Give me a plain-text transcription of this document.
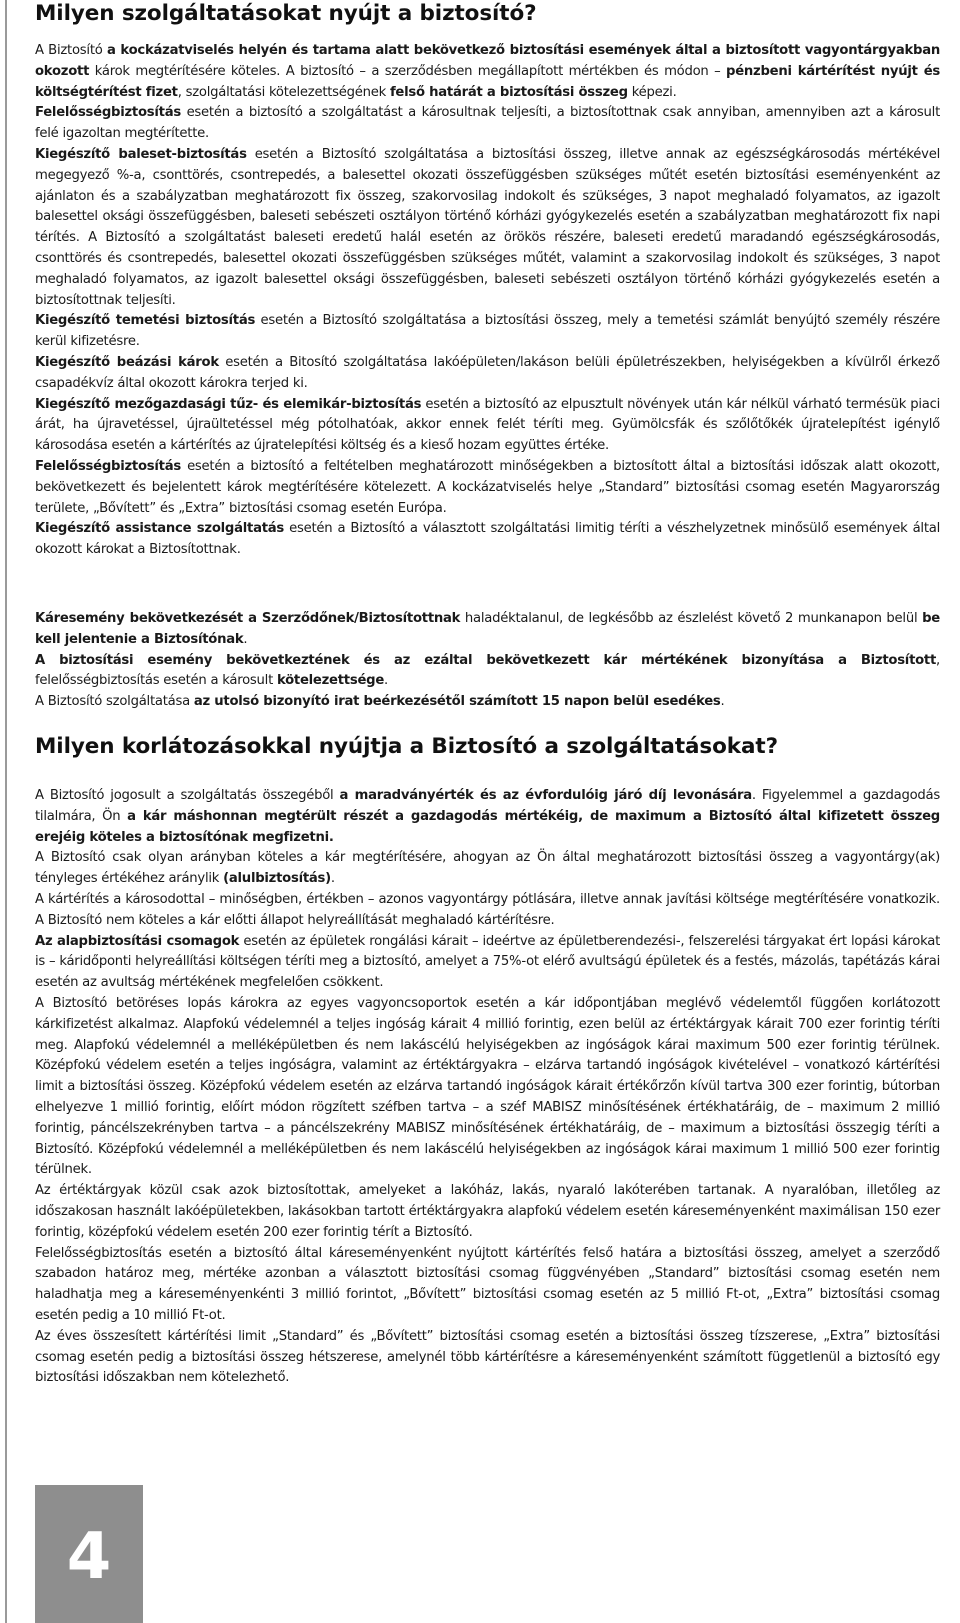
Milyen szolgáltatásokat nyújt a biztosító?

A Biztosító a kockázatviselés helyén és tartama alatt bekövetkező biztosítási események által a biztosított vagyontárgyakban okozott károk megtérítésére köteles. A biztosító – a szerződésben megállapított mértékben és módon – pénzbeni kártérítést nyújt és költségtérítést fizet, szolgáltatási kötelezettségének felső határát a biztosítási összeg képezi.

Felelősségbiztosítás esetén a biztosító a szolgáltatást a károsultnak teljesíti, a biztosítottnak csak annyiban, amennyiben azt a károsult felé igazoltan megtérítette.

Kiegészítő baleset-biztosítás esetén a Biztosító szolgáltatása a biztosítási összeg, illetve annak az egészségkárosodás mértékével megegyező %-a, csonttörés, csontrepedés, a balesettel okozati összefüggésben szükséges műtét esetén biztosítási eseményenként az ajánlaton és a szabályzatban meghatározott fix összeg, szakorvosilag indokolt és szükséges, 3 napot meghaladó folyamatos, az igazolt balesettel oksági összefüggésben, baleseti sebészeti osztályon történő kórházi gyógykezelés esetén a szabályzatban meghatározott fix napi térítés. A Biztosító a szolgáltatást baleseti eredetű halál esetén az örökös részére, baleseti eredetű maradandó egészségkárosodás, csonttörés és csontrepedés, balesettel okozati összefüggésben szükséges műtét, valamint a szakorvosilag indokolt és szükséges, 3 napot meghaladó folyamatos, az igazolt balesettel oksági összefüggésben, baleseti sebészeti osztályon történő kórházi gyógykezelés esetén a biztosítottnak teljesíti.

Kiegészítő temetési biztosítás esetén a Biztosító szolgáltatása a biztosítási összeg, mely a temetési számlát benyújtó személy részére kerül kifizetésre.

Kiegészítő beázási károk esetén a Bitosító szolgáltatása lakóépületen/lakáson belüli épületrészekben, helyiségekben a kívülről érkező csapadékvíz által okozott károkra terjed ki.

Kiegészítő mezőgazdasági tűz- és elemikár-biztosítás esetén a biztosító az elpusztult növények után kár nélkül várható termésük piaci árát, ha újravetéssel, újraültetéssel még pótolhatóak, akkor ennek felét téríti meg. Gyümölcsfák és szőlőtőkék újratelepítést igénylő károsodása esetén a kártérítés az újratelepítési költség és a kieső hozam együttes értéke.

Felelősségbiztosítás esetén a biztosító a feltételben meghatározott minőségekben a biztosított által a biztosítási időszak alatt okozott, bekövetkezett és bejelentett károk megtérítésére kötelezett. A kockázatviselés helye „Standard” biztosítási csomag esetén Magyarország területe, „Bővített” és „Extra” biztosítási csomag esetén Európa.

Kiegészítő assistance szolgáltatás esetén a Biztosító a választott szolgáltatási limitig téríti a vészhelyzetnek minősülő események által okozott károkat a Biztosítottnak.

Káresemény bekövetkezését a Szerződőnek/Biztosítottnak haladéktalanul, de legkésőbb az észlelést követő 2 munkanapon belül be kell jelentenie a Biztosítónak.

A biztosítási esemény bekövetkeztének és az ezáltal bekövetkezett kár mértékének bizonyítása a Biztosított, felelősségbiztosítás esetén a károsult kötelezettsége.

A Biztosító szolgáltatása az utolsó bizonyító irat beérkezésétől számított 15 napon belül esedékes.

Milyen korlátozásokkal nyújtja a Biztosító a szolgáltatásokat?

A Biztosító jogosult a szolgáltatás összegéből a maradványérték és az évfordulóig járó díj levonására. Figyelemmel a gazdagodás tilalmára, Ön a kár máshonnan megtérült részét a gazdagodás mértékéig, de maximum a Biztosító által kifizetett összeg erejéig köteles a biztosítónak megfizetni.

A Biztosító csak olyan arányban köteles a kár megtérítésére, ahogyan az Ön által meghatározott biztosítási összeg a vagyontárgy(ak) tényleges értékéhez aránylik (alulbiztosítás).

A kártérítés a károsodottal – minőségben, értékben – azonos vagyontárgy pótlására, illetve annak javítási költsége megtérítésére vonatkozik. A Biztosító nem köteles a kár előtti állapot helyreállítását meghaladó kártérítésre.

Az alapbiztosítási csomagok esetén az épületek rongálási kárait – ideértve az épületberendezési-, felszerelési tárgyakat ért lopási károkat is – káridőponti helyreállítási költségen téríti meg a biztosító, amelyet a 75%-ot elérő avultságú épületek és a festés, mázolás, tapétázás kárai esetén az avultság mértékének megfelelően csökkent.

A Biztosító betöréses lopás károkra az egyes vagyoncsoportok esetén a kár időpontjában meglévő védelemtől függően korlátozott kárkifizetést alkalmaz. Alapfokú védelemnél a teljes ingóság kárait 4 millió forintig, ezen belül az értéktárgyak kárait 700 ezer forintig téríti meg. Alapfokú védelemnél a melléképületben és nem lakáscélú helyiségekben az ingóságok kárai maximum 500 ezer forintig térülnek. Középfokú védelem esetén a teljes ingóságra, valamint az értéktárgyakra – elzárva tartandó ingóságok kivételével – vonatkozó kártérítési limit a biztosítási összeg. Középfokú védelem esetén az elzárva tartandó ingóságok kárait értékőrzőn kívül tartva 300 ezer forintig, bútorban elhelyezve 1 millió forintig, előírt módon rögzített széfben tartva – a széf MABISZ minősítésének értékhatáráig, de – maximum 2 millió forintig, páncélszekrényben tartva – a páncélszekrény MABISZ minősítésének értékhatáráig, de – maximum a biztosítási összegig téríti a Biztosító. Középfokú védelemnél a melléképületben és nem lakáscélú helyiségekben az ingóságok kárai maximum 1 millió 500 ezer forintig térülnek.

Az értéktárgyak közül csak azok biztosítottak, amelyeket a lakóház, lakás, nyaraló lakóterében tartanak. A nyaralóban, illetőleg az időszakosan használt lakóépületekben, lakásokban tartott értéktárgyakra alapfokú védelem esetén káreseményenként maximálisan 150 ezer forintig, középfokú védelem esetén 200 ezer forintig térít a Biztosító.

Felelősségbiztosítás esetén a biztosító által káreseményenként nyújtott kártérítés felső határa a biztosítási összeg, amelyet a szerződő szabadon határoz meg, mértéke azonban a választott biztosítási csomag függvényében „Standard” biztosítási csomag esetén nem haladhatja meg a káreseményenkénti 3 millió forintot, „Bővített” biztosítási csomag esetén az 5 millió Ft-ot, „Extra” biztosítási csomag esetén pedig a 10 millió Ft-ot.

Az éves összesített kártérítési limit „Standard” és „Bővített” biztosítási csomag esetén a biztosítási összeg tízszerese, „Extra” biztosítási csomag esetén pedig a biztosítási összeg hétszerese, amelynél több kártérítésre a káreseményenként számított függetlenül a biztosító egy biztosítási időszakban nem kötelezhető.

4
